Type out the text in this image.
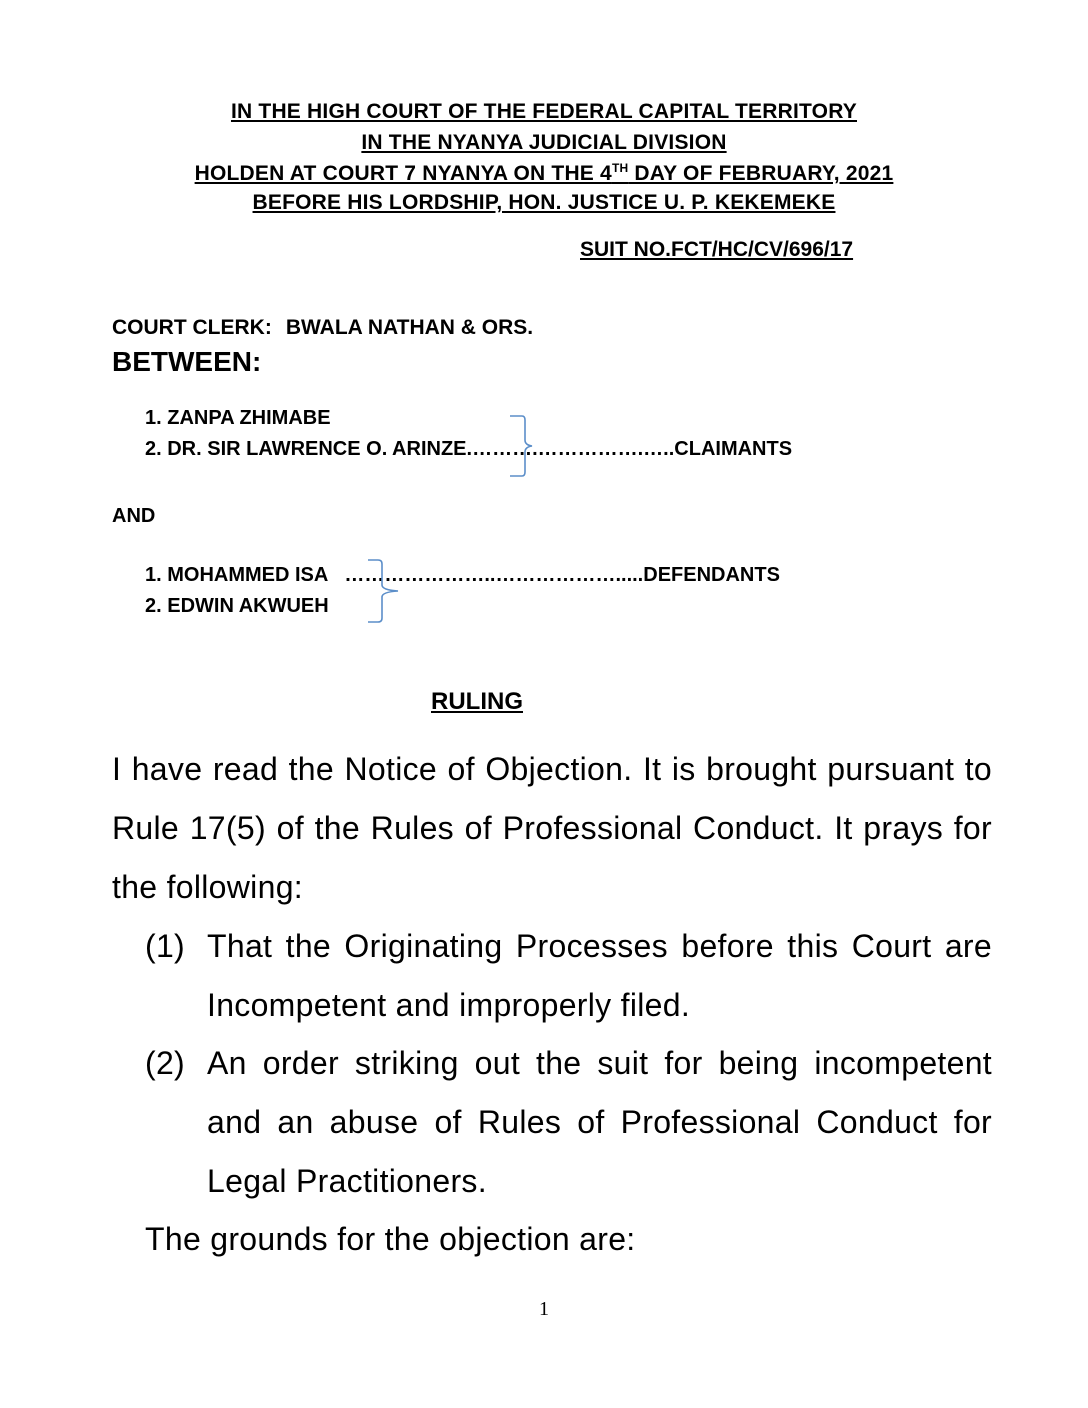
IN THE HIGH COURT OF THE FEDERAL CAPITAL TERRITORY
IN THE NYANYA JUDICIAL DIVISION
HOLDEN AT COURT 7 NYANYA ON THE 4TH DAY OF FEBRUARY, 2021
BEFORE HIS LORDSHIP, HON. JUSTICE U. P. KEKEMEKE
SUIT NO.FCT/HC/CV/696/17
COURT CLERK: BWALA NATHAN & ORS.
BETWEEN:
1. ZANPA ZHIMABE
2. DR. SIR LAWRENCE O. ARINZE.……….…………….…..CLAIMANTS
AND
1. MOHAMMED ISA …………………..……………….....DEFENDANTS
2. EDWIN AKWUEH
RULING
I have read the Notice of Objection. It is brought pursuant to Rule 17(5) of the Rules of Professional Conduct. It prays for the following:
(1) That the Originating Processes before this Court are Incompetent and improperly filed.
(2) An order striking out the suit for being incompetent and an abuse of Rules of Professional Conduct for Legal Practitioners.
The grounds for the objection are:
1
